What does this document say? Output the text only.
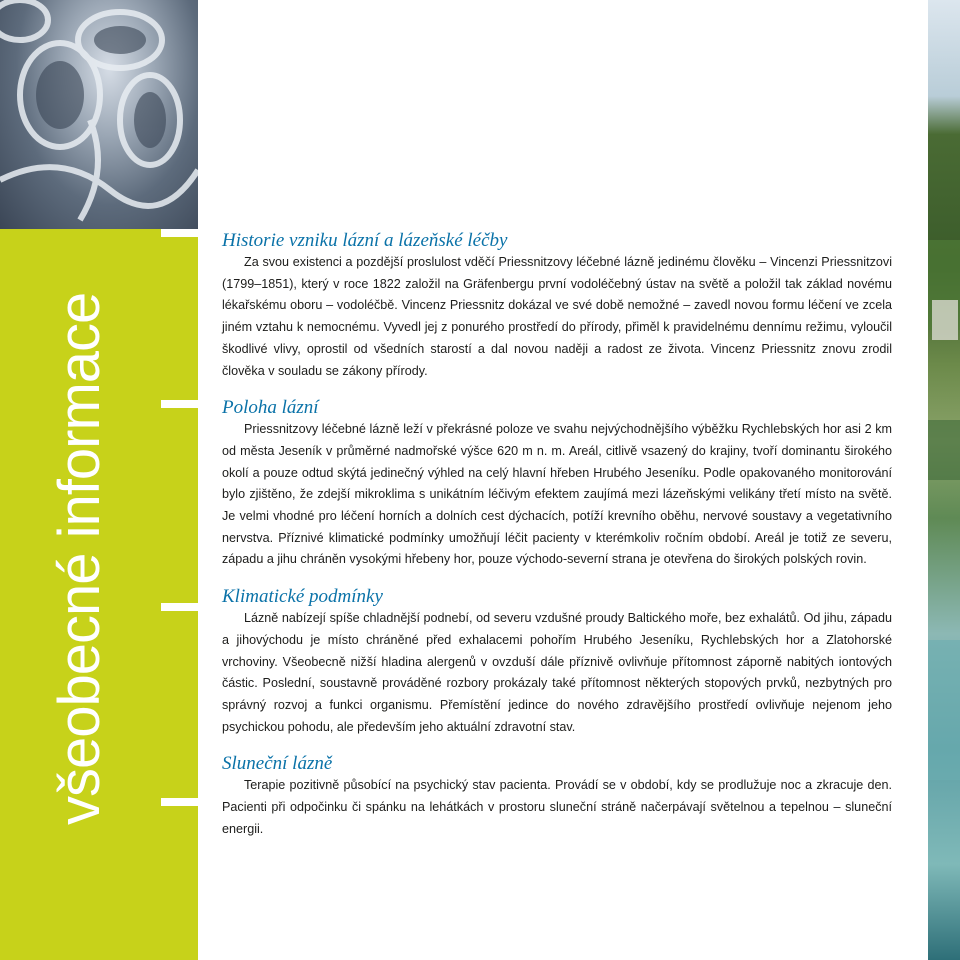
všeobecné informace
Historie vzniku lázní a lázeňské léčby

Za svou existenci a pozdější proslulost vděčí Priessnitzovy léčebné lázně jedinému člověku – Vincenzi Priessnitzovi (1799–1851), který v roce 1822 založil na Gräfenbergu první vodoléčebný ústav na světě a položil tak základ novému lékařskému oboru – vodoléčbě. Vincenz Priessnitz dokázal ve své době nemožné – zavedl novou formu léčení ve zcela jiném vztahu k nemocnému. Vyvedl jej z ponurého prostředí do přírody, přiměl k pravidelnému dennímu režimu, vyloučil škodlivé vlivy, oprostil od všedních starostí a dal novou naději a radost ze života. Vincenz Priessnitz znovu zrodil člověka v souladu se zákony přírody.

Poloha lázní

Priessnitzovy léčebné lázně leží v překrásné poloze ve svahu nejvýchodnějšího výběžku Rychlebských hor asi 2 km od města Jeseník v průměrné nadmořské výšce 620 m n. m. Areál, citlivě vsazený do krajiny, tvoří dominantu širokého okolí a pouze odtud skýtá jedinečný výhled na celý hlavní hřeben Hrubého Jeseníku. Podle opakovaného monitorování bylo zjištěno, že zdejší mikroklima s unikátním léčivým efektem zaujímá mezi lázeňskými velikány třetí místo na světě. Je velmi vhodné pro léčení horních a dolních cest dýchacích, potíží krevního oběhu, nervové soustavy a vegetativního nervstva. Příznivé klimatické podmínky umožňují léčit pacienty v kterémkoliv ročním období. Areál je totiž ze severu, západu a jihu chráněn vysokými hřebeny hor, pouze východo-severní strana je otevřena do širokých polských rovin.

Klimatické podmínky

Lázně nabízejí spíše chladnější podnebí, od severu vzdušné proudy Baltického moře, bez exhalátů. Od jihu, západu a jihovýchodu je místo chráněné před exhalacemi pohořím Hrubého Jeseníku, Rychlebských hor a Zlatohorské vrchoviny. Všeobecně nižší hladina alergenů v ovzduší dále příznivě ovlivňuje přítomnost záporně nabitých iontových částic. Poslední, soustavně prováděné rozbory prokázaly také přítomnost některých stopových prvků, nezbytných pro správný rozvoj a funkci organismu. Přemístění jedince do nového zdravějšího prostředí ovlivňuje nejenom jeho psychickou pohodu, ale především jeho aktuální zdravotní stav.

Sluneční lázně

Terapie pozitivně působící na psychický stav pacienta. Provádí se v období, kdy se prodlužuje noc a zkracuje den. Pacienti při odpočinku či spánku na lehátkách v prostoru sluneční stráně načerpávají světelnou a tepelnou – sluneční energii.
